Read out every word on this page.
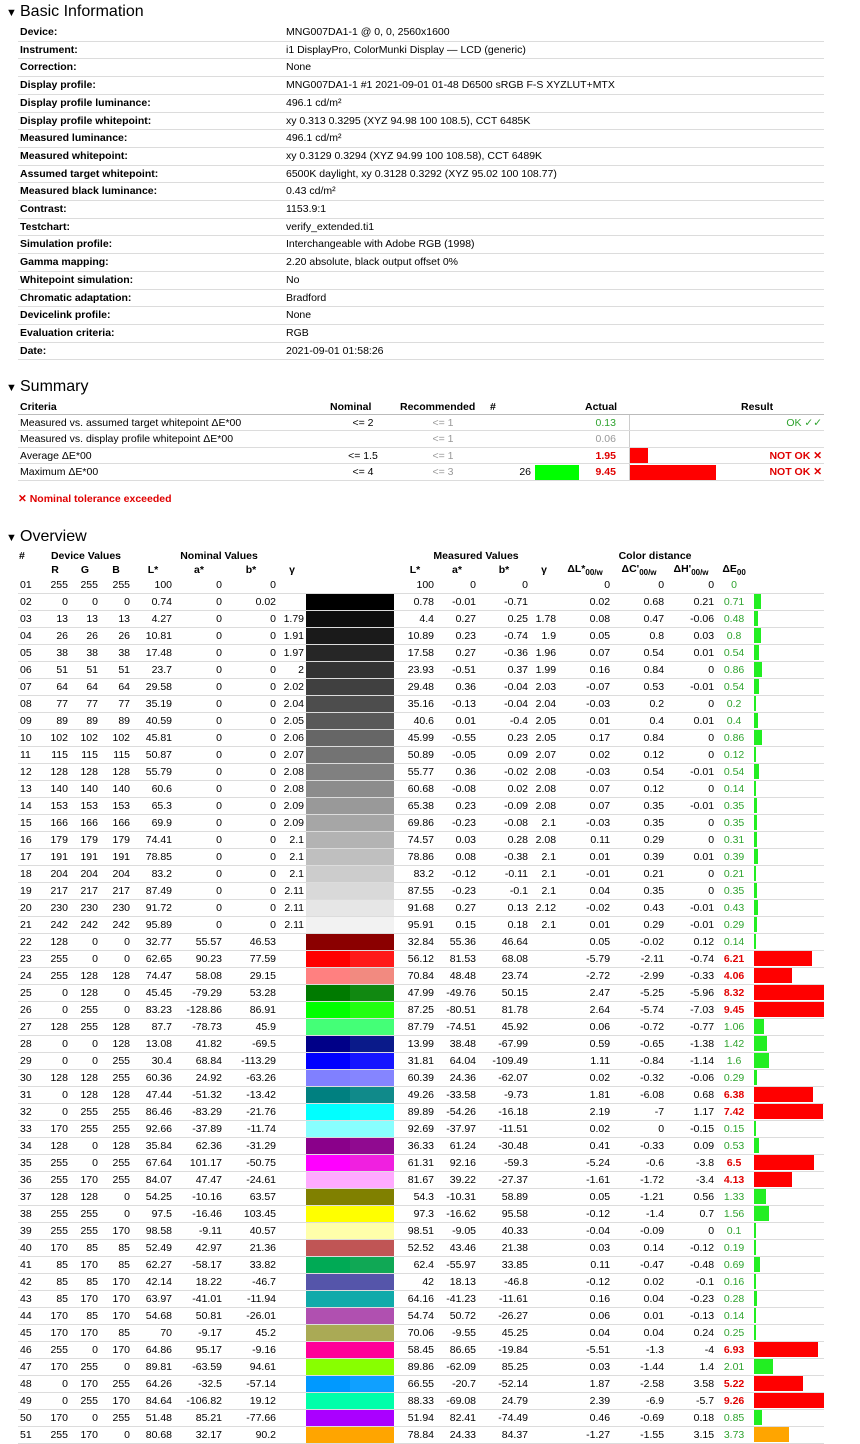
▼ Basic Information
Device:	MNG007DA1-1 @ 0, 0, 2560x1600
Instrument:	i1 DisplayPro, ColorMunki Display — LCD (generic)
Correction:	None
Display profile:	MNG007DA1-1 #1 2021-09-01 01-48 D6500 sRGB F-S XYZLUT+MTX
Display profile luminance:	496.1 cd/m²
Display profile whitepoint:	xy 0.313 0.3295 (XYZ 94.98 100 108.5), CCT 6485K
Measured luminance:	496.1 cd/m²
Measured whitepoint:	xy 0.3129 0.3294 (XYZ 94.99 100 108.58), CCT 6489K
Assumed target whitepoint:	6500K daylight, xy 0.3128 0.3292 (XYZ 95.02 100 108.77)
Measured black luminance:	0.43 cd/m²
Contrast:	1153.9:1
Testchart:	verify_extended.ti1
Simulation profile:	Interchangeable with Adobe RGB (1998)
Gamma mapping:	2.20 absolute, black output offset 0%
Whitepoint simulation:	No
Chromatic adaptation:	Bradford
Devicelink profile:	None
Evaluation criteria:	RGB
Date:	2021-09-01 01:58:26
▼ Summary
Criteria	Nominal	Recommended	#		Actual		Result
Measured vs. assumed target whitepoint ΔE*00	<= 2	<= 1			0.13		OK ✓✓
Measured vs. display profile whitepoint ΔE*00		<= 1			0.06		
Average ΔE*00	<= 1.5	<= 1			1.95		NOT OK ✕
Maximum ΔE*00	<= 4	<= 3	26		9.45		NOT OK ✕
✕ Nominal tolerance exceeded
▼ Overview
#	Device Values			Nominal Values					Measured Values				Color distance				
	R	G	B	L*	a*	b*	γ		L*	a*	b*	γ	$\Delta L*_{00/w}$	$\Delta C'_{00/w}$	$\Delta H'_{00/w}$	$\Delta E_{00}$	
01	255	255	255	100	0	0			100	0	0		0	0	0	0	
02	0	0	0	0.74	0	0.02			0.78	-0.01	-0.71		0.02	0.68	0.21	0.71	
03	13	13	13	4.27	0	0	1.79		4.4	0.27	0.25	1.78	0.08	0.47	-0.06	0.48	
04	26	26	26	10.81	0	0	1.91		10.89	0.23	-0.74	1.9	0.05	0.8	0.03	0.8	
05	38	38	38	17.48	0	0	1.97		17.58	0.27	-0.36	1.96	0.07	0.54	0.01	0.54	
06	51	51	51	23.7	0	0	2		23.93	-0.51	0.37	1.99	0.16	0.84	0	0.86	
07	64	64	64	29.58	0	0	2.02		29.48	0.36	-0.04	2.03	-0.07	0.53	-0.01	0.54	
08	77	77	77	35.19	0	0	2.04		35.16	-0.13	-0.04	2.04	-0.03	0.2	0	0.2	
09	89	89	89	40.59	0	0	2.05		40.6	0.01	-0.4	2.05	0.01	0.4	0.01	0.4	
10	102	102	102	45.81	0	0	2.06		45.99	-0.55	0.23	2.05	0.17	0.84	0	0.86	
11	115	115	115	50.87	0	0	2.07		50.89	-0.05	0.09	2.07	0.02	0.12	0	0.12	
12	128	128	128	55.79	0	0	2.08		55.77	0.36	-0.02	2.08	-0.03	0.54	-0.01	0.54	
13	140	140	140	60.6	0	0	2.08		60.68	-0.08	0.02	2.08	0.07	0.12	0	0.14	
14	153	153	153	65.3	0	0	2.09		65.38	0.23	-0.09	2.08	0.07	0.35	-0.01	0.35	
15	166	166	166	69.9	0	0	2.09		69.86	-0.23	-0.08	2.1	-0.03	0.35	0	0.35	
16	179	179	179	74.41	0	0	2.1		74.57	0.03	0.28	2.08	0.11	0.29	0	0.31	
17	191	191	191	78.85	0	0	2.1		78.86	0.08	-0.38	2.1	0.01	0.39	0.01	0.39	
18	204	204	204	83.2	0	0	2.1		83.2	-0.12	-0.11	2.1	-0.01	0.21	0	0.21	
19	217	217	217	87.49	0	0	2.11		87.55	-0.23	-0.1	2.1	0.04	0.35	0	0.35	
20	230	230	230	91.72	0	0	2.11		91.68	0.27	0.13	2.12	-0.02	0.43	-0.01	0.43	
21	242	242	242	95.89	0	0	2.11		95.91	0.15	0.18	2.1	0.01	0.29	-0.01	0.29	
22	128	0	0	32.77	55.57	46.53			32.84	55.36	46.64		0.05	-0.02	0.12	0.14	
23	255	0	0	62.65	90.23	77.59			56.12	81.53	68.08		-5.79	-2.11	-0.74	6.21	
24	255	128	128	74.47	58.08	29.15			70.84	48.48	23.74		-2.72	-2.99	-0.33	4.06	
25	0	128	0	45.45	-79.29	53.28			47.99	-49.76	50.15		2.47	-5.25	-5.96	8.32	
26	0	255	0	83.23	-128.86	86.91			87.25	-80.51	81.78		2.64	-5.74	-7.03	9.45	
27	128	255	128	87.7	-78.73	45.9			87.79	-74.51	45.92		0.06	-0.72	-0.77	1.06	
28	0	0	128	13.08	41.82	-69.5			13.99	38.48	-67.99		0.59	-0.65	-1.38	1.42	
29	0	0	255	30.4	68.84	-113.29			31.81	64.04	-109.49		1.11	-0.84	-1.14	1.6	
30	128	128	255	60.36	24.92	-63.26			60.39	24.36	-62.07		0.02	-0.32	-0.06	0.29	
31	0	128	128	47.44	-51.32	-13.42			49.26	-33.58	-9.73		1.81	-6.08	0.68	6.38	
32	0	255	255	86.46	-83.29	-21.76			89.89	-54.26	-16.18		2.19	-7	1.17	7.42	
33	170	255	255	92.66	-37.89	-11.74			92.69	-37.97	-11.51		0.02	0	-0.15	0.15	
34	128	0	128	35.84	62.36	-31.29			36.33	61.24	-30.48		0.41	-0.33	0.09	0.53	
35	255	0	255	67.64	101.17	-50.75			61.31	92.16	-59.3		-5.24	-0.6	-3.8	6.5	
36	255	170	255	84.07	47.47	-24.61			81.67	39.22	-27.37		-1.61	-1.72	-3.4	4.13	
37	128	128	0	54.25	-10.16	63.57			54.3	-10.31	58.89		0.05	-1.21	0.56	1.33	
38	255	255	0	97.5	-16.46	103.45			97.3	-16.62	95.58		-0.12	-1.4	0.7	1.56	
39	255	255	170	98.58	-9.11	40.57			98.51	-9.05	40.33		-0.04	-0.09	0	0.1	
40	170	85	85	52.49	42.97	21.36			52.52	43.46	21.38		0.03	0.14	-0.12	0.19	
41	85	170	85	62.27	-58.17	33.82			62.4	-55.97	33.85		0.11	-0.47	-0.48	0.69	
42	85	85	170	42.14	18.22	-46.7			42	18.13	-46.8		-0.12	0.02	-0.1	0.16	
43	85	170	170	63.97	-41.01	-11.94			64.16	-41.23	-11.61		0.16	0.04	-0.23	0.28	
44	170	85	170	54.68	50.81	-26.01			54.74	50.72	-26.27		0.06	0.01	-0.13	0.14	
45	170	170	85	70	-9.17	45.2			70.06	-9.55	45.25		0.04	0.04	0.24	0.25	
46	255	0	170	64.86	95.17	-9.16			58.45	86.65	-19.84		-5.51	-1.3	-4	6.93	
47	170	255	0	89.81	-63.59	94.61			89.86	-62.09	85.25		0.03	-1.44	1.4	2.01	
48	0	170	255	64.26	-32.5	-57.14			66.55	-20.7	-52.14		1.87	-2.58	3.58	5.22	
49	0	255	170	84.64	-106.82	19.12			88.33	-69.08	24.79		2.39	-6.9	-5.7	9.26	
50	170	0	255	51.48	85.21	-77.66			51.94	82.41	-74.49		0.46	-0.69	0.18	0.85	
51	255	170	0	80.68	32.17	90.2			78.84	24.33	84.37		-1.27	-1.55	3.15	3.73	
